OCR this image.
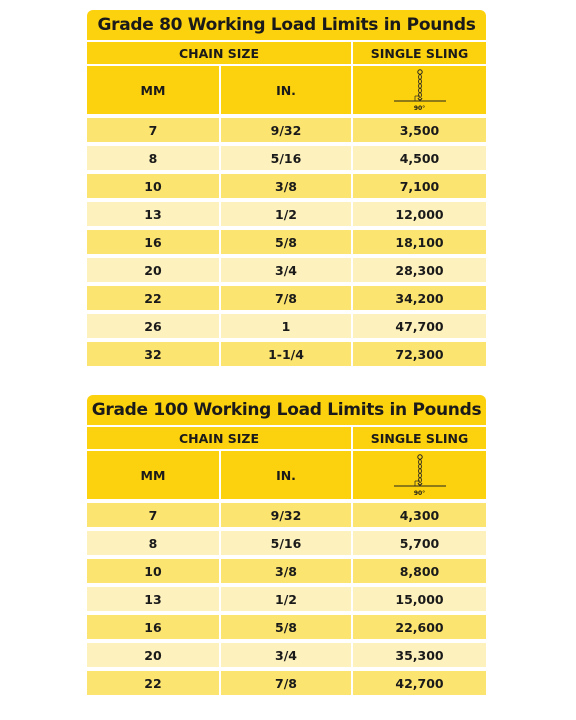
Grade 80 Working Load Limits in Pounds
CHAIN SIZE	SINGLE SLING
MM	IN.
90°
7	9/32	3,500
8	5/16	4,500
10	3/8	7,100
13	1/2	12,000
16	5/8	18,100
20	3/4	28,300
22	7/8	34,200
26	1	47,700
32	1-1/4	72,300
Grade 100 Working Load Limits in Pounds
CHAIN SIZE	SINGLE SLING
MM	IN.
90°
7	9/32	4,300
8	5/16	5,700
10	3/8	8,800
13	1/2	15,000
16	5/8	22,600
20	3/4	35,300
22	7/8	42,700
